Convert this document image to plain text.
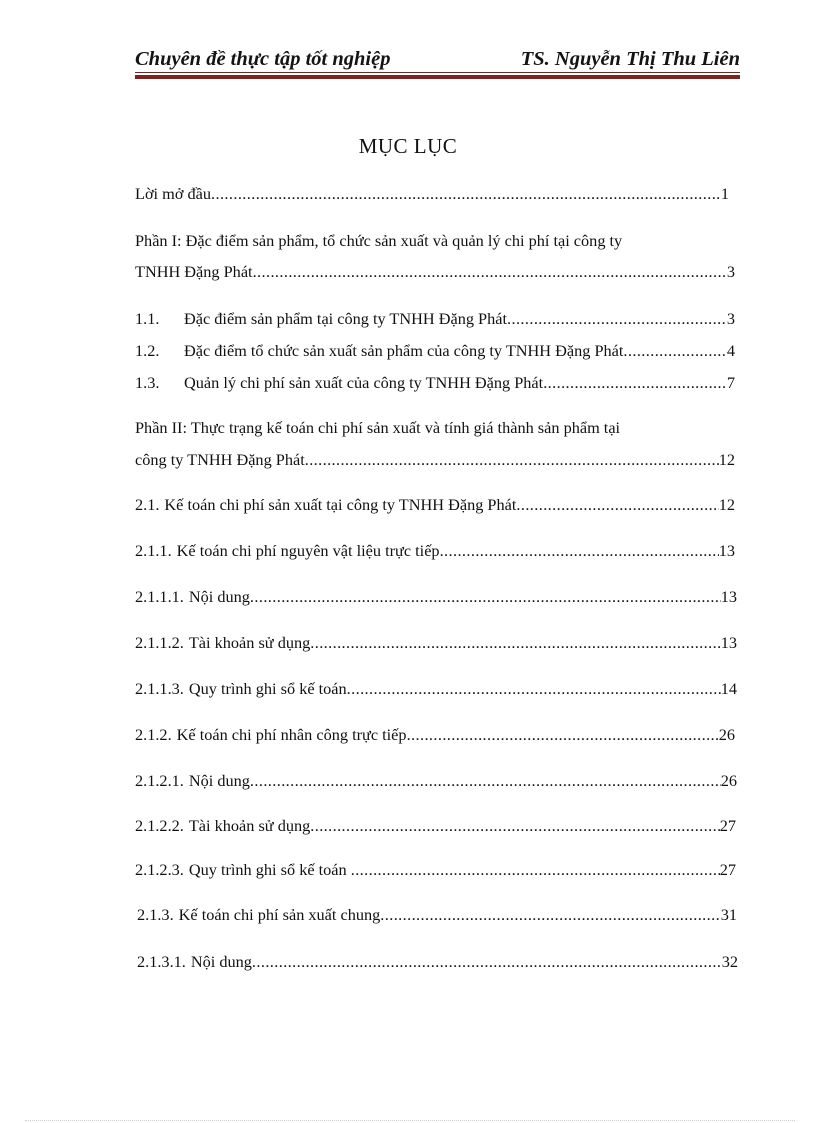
Chuyên đề thực tập tốt nghiệp	TS. Nguyễn Thị Thu Liên
MỤC LỤC
Lời mở đầu .....	1
Phần I: Đặc điểm sản phẩm, tổ chức sản xuất và quản lý chi phí tại công ty
TNHH Đặng Phát .....	3
1.1.	Đặc điểm sản phẩm tại công ty TNHH Đặng Phát .....	3
1.2.	Đặc điểm tổ chức sản xuất sản phẩm của công ty TNHH Đặng Phát .....	4
1.3.	Quản lý chi phí sản xuất của công ty TNHH Đặng Phát .....	7
Phần II: Thực trạng kế toán chi phí sản xuất và tính giá thành sản phẩm tại
công ty TNHH Đặng Phát .....	12
2.1. Kế toán chi phí sản xuất tại công ty TNHH Đặng Phát .....	12
2.1.1. Kế toán chi phí nguyên vật liệu trực tiếp .....	13
2.1.1.1. Nội dung .....	13
2.1.1.2. Tài khoản sử dụng .....	13
2.1.1.3. Quy trình ghi sổ kế toán .....	14
2.1.2. Kế toán chi phí nhân công trực tiếp .....	26
2.1.2.1. Nội dung .....	26
2.1.2.2. Tài khoản sử dụng .....	27
2.1.2.3. Quy trình ghi sổ kế toán .....	27
2.1.3. Kế toán chi phí sản xuất chung .....	31
2.1.3.1. Nội dung .....	32
